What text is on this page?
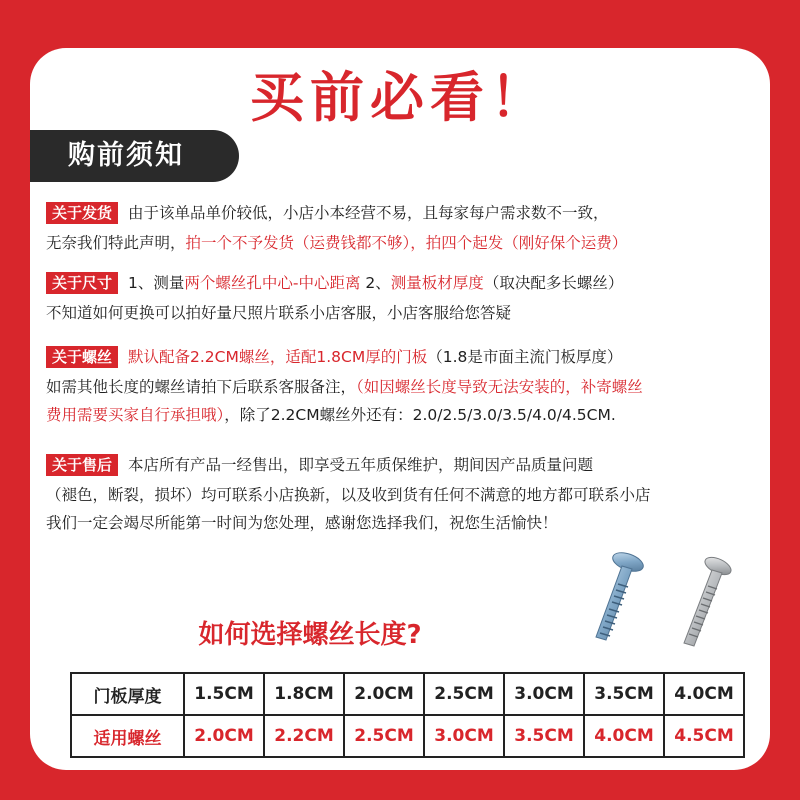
买前必看！
购前须知
关于发货 由于该单品单价较低，小店小本经营不易，且每家每户需求数不一致，
无奈我们特此声明，拍一个不予发货（运费钱都不够），拍四个起发（刚好保个运费）
关于尺寸 1、测量两个螺丝孔中心-中心距离 2、测量板材厚度（取决配多长螺丝）
不知道如何更换可以拍好量尺照片联系小店客服，小店客服给您答疑
关于螺丝 默认配备2.2CM螺丝，适配1.8CM厚的门板（1.8是市面主流门板厚度）
如需其他长度的螺丝请拍下后联系客服备注，（如因螺丝长度导致无法安装的，补寄螺丝
费用需要买家自行承担哦），除了2.2CM螺丝外还有：2.0/2.5/3.0/3.5/4.0/4.5CM.
关于售后 本店所有产品一经售出，即享受五年质保维护，期间因产品质量问题
（褪色，断裂，损坏）均可联系小店换新，以及收到货有任何不满意的地方都可联系小店
我们一定会竭尽所能第一时间为您处理，感谢您选择我们，祝您生活愉快！
如何选择螺丝长度?
门板厚度	1.5CM	1.8CM	2.0CM	2.5CM	3.0CM	3.5CM	4.0CM
适用螺丝	2.0CM	2.2CM	2.5CM	3.0CM	3.5CM	4.0CM	4.5CM
